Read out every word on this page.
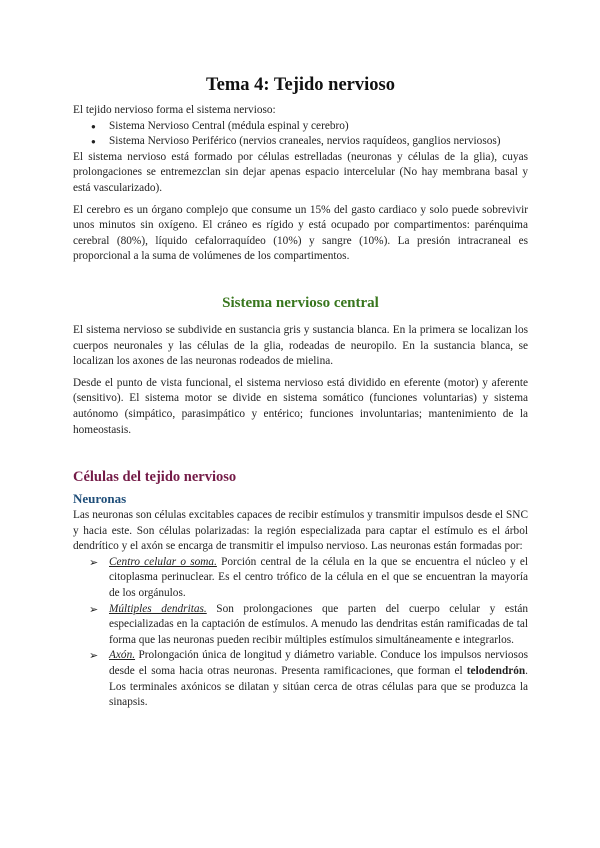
Tema 4: Tejido nervioso

El tejido nervioso forma el sistema nervioso:

● Sistema Nervioso Central (médula espinal y cerebro)
● Sistema Nervioso Periférico (nervios craneales, nervios raquídeos, ganglios nerviosos)

El sistema nervioso está formado por células estrelladas (neuronas y células de la glia), cuyas prolongaciones se entremezclan sin dejar apenas espacio intercelular (No hay membrana basal y está vascularizado).

El cerebro es un órgano complejo que consume un 15% del gasto cardiaco y solo puede sobrevivir unos minutos sin oxígeno. El cráneo es rígido y está ocupado por compartimentos: parénquima cerebral (80%), líquido cefalorraquídeo (10%) y sangre (10%). La presión intracraneal es proporcional a la suma de volúmenes de los compartimentos.

Sistema nervioso central

El sistema nervioso se subdivide en sustancia gris y sustancia blanca. En la primera se localizan los cuerpos neuronales y las células de la glia, rodeadas de neuropilo. En la sustancia blanca, se localizan los axones de las neuronas rodeados de mielina.

Desde el punto de vista funcional, el sistema nervioso está dividido en eferente (motor) y aferente (sensitivo). El sistema motor se divide en sistema somático (funciones voluntarias) y sistema autónomo (simpático, parasimpático y entérico; funciones involuntarias; mantenimiento de la homeostasis.

Células del tejido nervioso
Neuronas

Las neuronas son células excitables capaces de recibir estímulos y transmitir impulsos desde el SNC y hacia este. Son células polarizadas: la región especializada para captar el estímulo es el árbol dendrítico y el axón se encarga de transmitir el impulso nervioso. Las neuronas están formadas por:

➢ Centro celular o soma. Porción central de la célula en la que se encuentra el núcleo y el citoplasma perinuclear. Es el centro trófico de la célula en el que se encuentran la mayoría de los orgánulos.
➢ Múltiples dendritas. Son prolongaciones que parten del cuerpo celular y están especializadas en la captación de estímulos. A menudo las dendritas están ramificadas de tal forma que las neuronas pueden recibir múltiples estímulos simultáneamente e integrarlos.
➢ Axón. Prolongación única de longitud y diámetro variable. Conduce los impulsos nerviosos desde el soma hacia otras neuronas. Presenta ramificaciones, que forman el telodendrón. Los terminales axónicos se dilatan y sitúan cerca de otras células para que se produzca la sinapsis.
